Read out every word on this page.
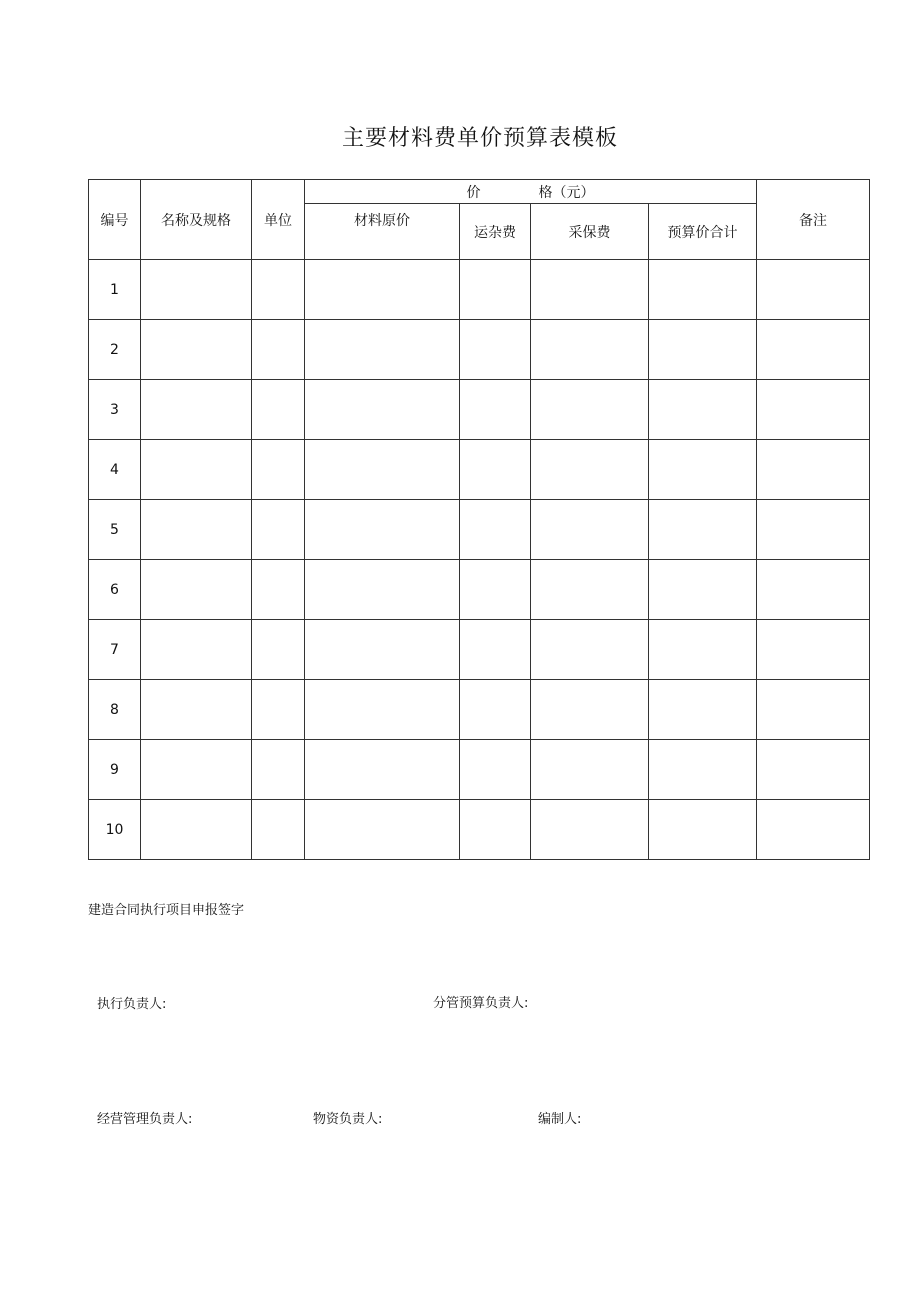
主要材料费单价预算表模板
编号	名称及规格	单位	价 格（元）				备注
			材料原价	运杂费	采保费	预算价合计	
1							
2							
3							
4							
5							
6							
7							
8							
9							
10							
建造合同执行项目申报签字
执行负责人:	分管预算负责人:
经营管理负责人:	物资负责人:	编制人:
